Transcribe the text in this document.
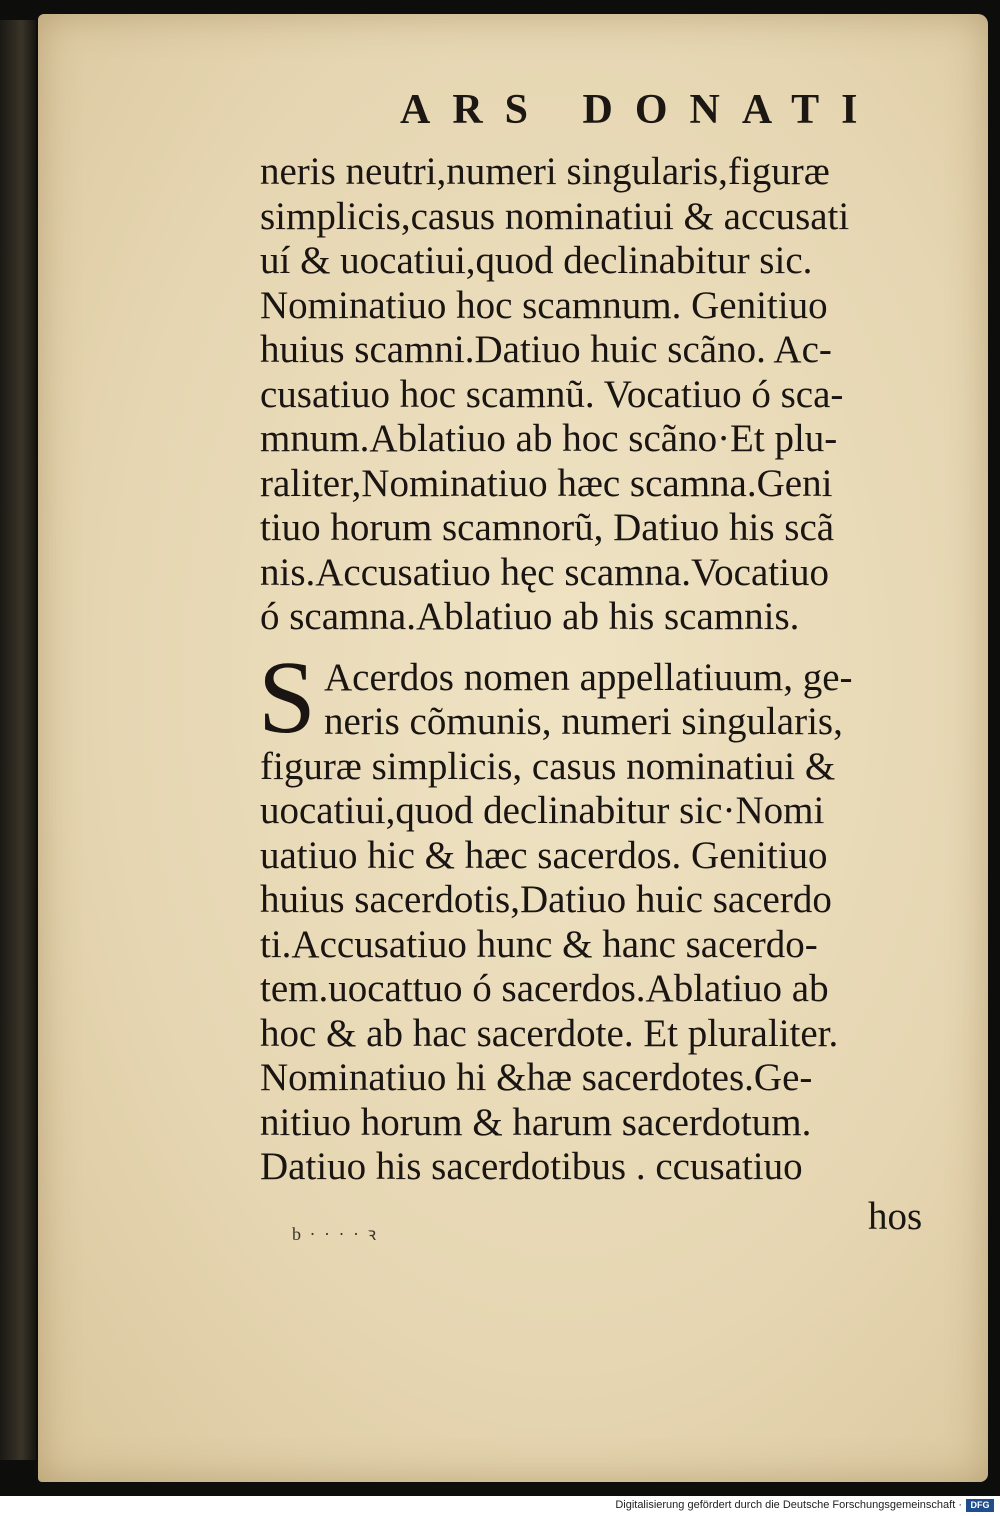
ARS DONATI
neris neutri,numeri singularis,figuræ
simplicis,casus nominatiui & accusati
uí & uocatiui,quod declinabitur sic.
Nominatiuo hoc scamnum. Genitiuo
huius scamni.Datiuo huic scãno. Ac-
cusatiuo hoc scamnũ. Vocatiuo ó sca-
mnum.Ablatiuo ab hoc scãno·Et plu-
raliter,Nominatiuo hæc scamna.Geni
tiuo horum scamnorũ, Datiuo his scã
nis.Accusatiuo hęc scamna.Vocatiuo
ó scamna.Ablatiuo ab his scamnis.
S Acerdos nomen appellatiuum, ge-
neris cõmunis, numeri singularis,
figuræ simplicis, casus nominatiui &
uocatiui,quod declinabitur sic·Nomi
uatiuo hic & hæc sacerdos. Genitiuo
huius sacerdotis,Datiuo huic sacerdo
ti.Accusatiuo hunc & hanc sacerdo-
tem.uocattuo ó sacerdos.Ablatiuo ab
hoc & ab hac sacerdote. Et pluraliter.
Nominatiuo hi &hæ sacerdotes.Ge-
nitiuo horum & harum sacerdotum.
Datiuo his sacerdotibus . ccusatiuo
hos
b · · · · ꝛ
Digitalisierung gefördert durch die Deutsche Forschungsgemeinschaft · DFG
